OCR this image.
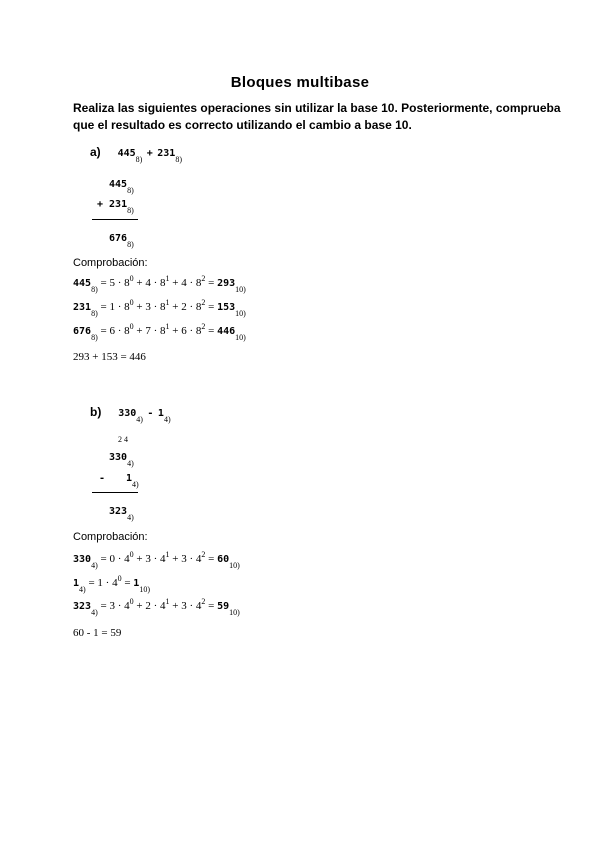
Bloques multibase
Realiza las siguientes operaciones sin utilizar la base 10. Posteriormente, comprueba
que el resultado es correcto utilizando el cambio a base 10.
a) $445_{8)} + 231_{8)}$
$445_{8)}$
+ $231_{8)}$
$676_{8)}$
Comprobación:
$445_{8)} = 5 \cdot 8^0 + 4 \cdot 8^1 + 4 \cdot 8^2 = 293_{10)}$
$231_{8)} = 1 \cdot 8^0 + 3 \cdot 8^1 + 2 \cdot 8^2 = 153_{10)}$
$676_{8)} = 6 \cdot 8^0 + 7 \cdot 8^1 + 6 \cdot 8^2 = 446_{10)}$
293 + 153 = 446
b) $330_{4)} - 1_{4)}$
2 4
$330_{4)}$
- $1_{4)}$
$323_{4)}$
Comprobación:
$330_{4)} = 0 \cdot 4^0 + 3 \cdot 4^1 + 3 \cdot 4^2 = 60_{10)}$
$1_{4)} = 1 \cdot 4^0 = 1_{10)}$
$323_{4)} = 3 \cdot 4^0 + 2 \cdot 4^1 + 3 \cdot 4^2 = 59_{10)}$
60 - 1 = 59
